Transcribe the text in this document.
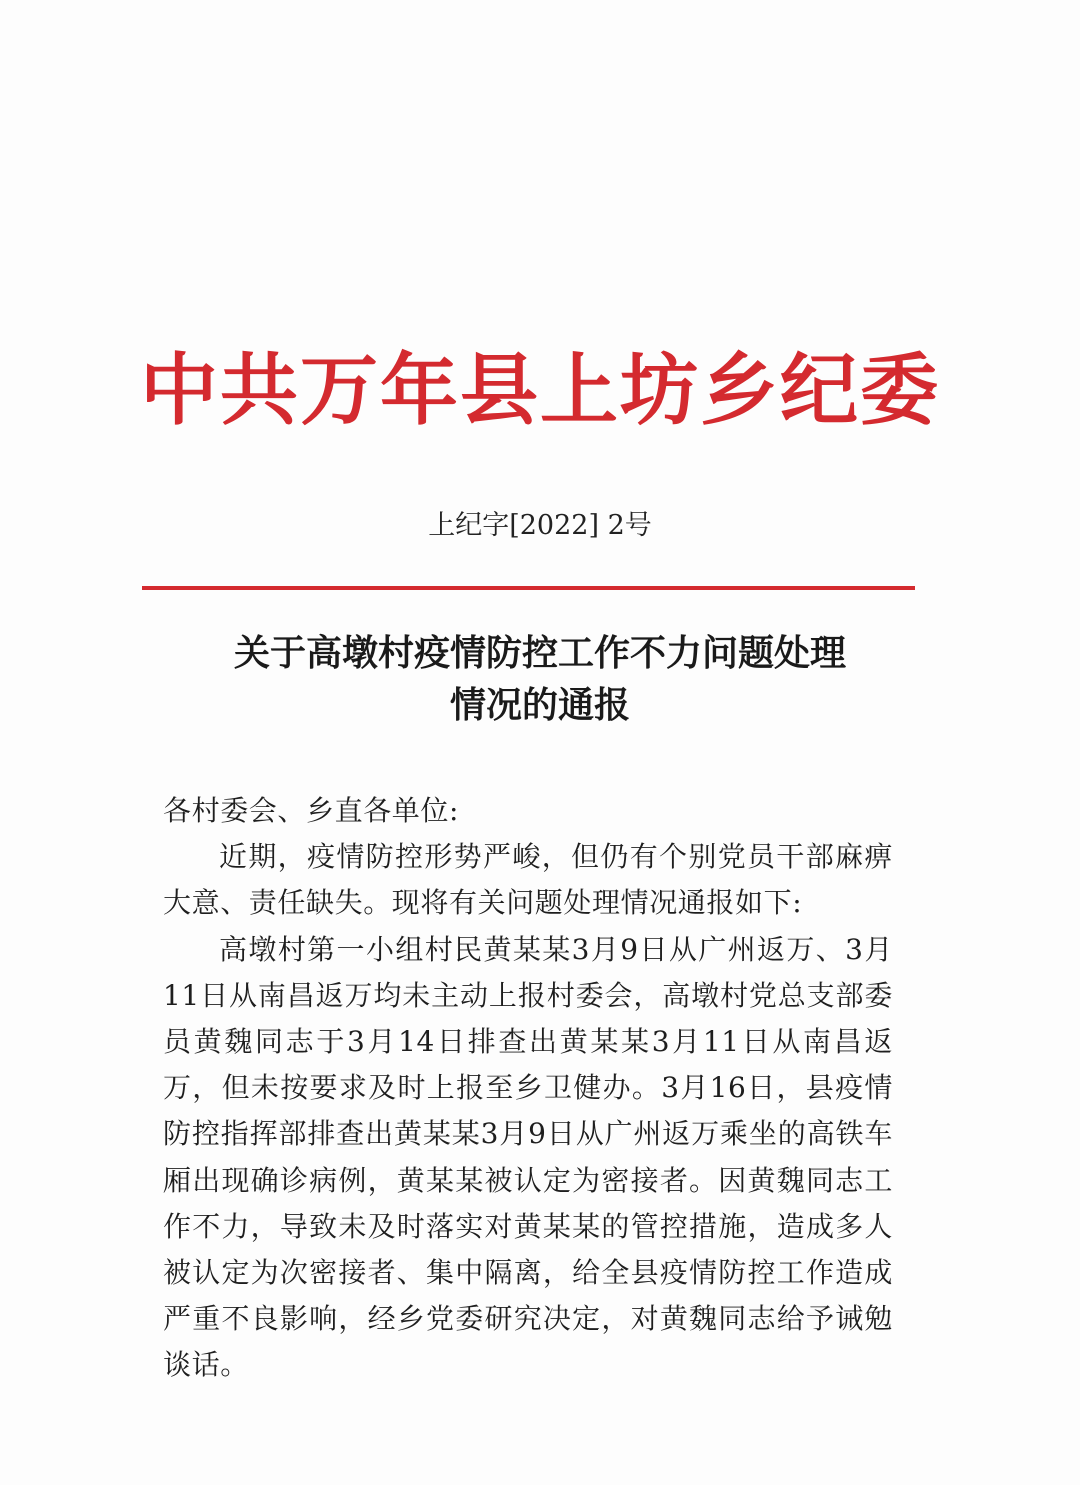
中共万年县上坊乡纪委
上纪字[2022] 2号
关于高墩村疫情防控工作不力问题处理
情况的通报

各村委会、乡直各单位:

近期，疫情防控形势严峻，但仍有个别党员干部麻痹大意、责任缺失。现将有关问题处理情况通报如下:

高墩村第一小组村民黄某某3月9日从广州返万、3月11日从南昌返万均未主动上报村委会，高墩村党总支部委员黄魏同志于3月14日排查出黄某某3月11日从南昌返万，但未按要求及时上报至乡卫健办。3月16日，县疫情防控指挥部排查出黄某某3月9日从广州返万乘坐的高铁车厢出现确诊病例，黄某某被认定为密接者。因黄魏同志工作不力，导致未及时落实对黄某某的管控措施，造成多人被认定为次密接者、集中隔离，给全县疫情防控工作造成严重不良影响，经乡党委研究决定，对黄魏同志给予诫勉谈话。
